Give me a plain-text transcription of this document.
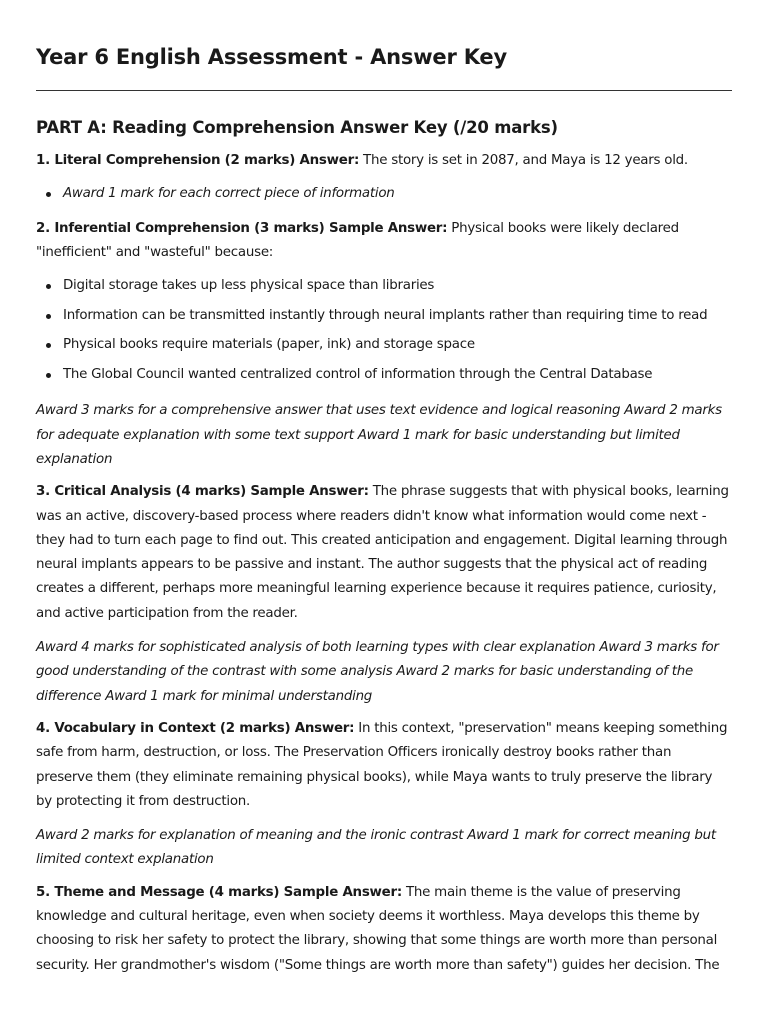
Year 6 English Assessment - Answer Key
PART A: Reading Comprehension Answer Key (/20 marks)

1. Literal Comprehension (2 marks) Answer: The story is set in 2087, and Maya is 12 years old.

Award 1 mark for each correct piece of information

2. Inferential Comprehension (3 marks) Sample Answer: Physical books were likely declared "inefficient" and "wasteful" because:

Digital storage takes up less physical space than libraries
Information can be transmitted instantly through neural implants rather than requiring time to read
Physical books require materials (paper, ink) and storage space
The Global Council wanted centralized control of information through the Central Database

Award 3 marks for a comprehensive answer that uses text evidence and logical reasoning Award 2 marks for adequate explanation with some text support Award 1 mark for basic understanding but limited explanation

3. Critical Analysis (4 marks) Sample Answer: The phrase suggests that with physical books, learning was an active, discovery-based process where readers didn't know what information would come next - they had to turn each page to find out. This created anticipation and engagement. Digital learning through neural implants appears to be passive and instant. The author suggests that the physical act of reading creates a different, perhaps more meaningful learning experience because it requires patience, curiosity, and active participation from the reader.

Award 4 marks for sophisticated analysis of both learning types with clear explanation Award 3 marks for good understanding of the contrast with some analysis Award 2 marks for basic understanding of the difference Award 1 mark for minimal understanding

4. Vocabulary in Context (2 marks) Answer: In this context, "preservation" means keeping something safe from harm, destruction, or loss. The Preservation Officers ironically destroy books rather than preserve them (they eliminate remaining physical books), while Maya wants to truly preserve the library by protecting it from destruction.

Award 2 marks for explanation of meaning and the ironic contrast Award 1 mark for correct meaning but limited context explanation

5. Theme and Message (4 marks) Sample Answer: The main theme is the value of preserving knowledge and cultural heritage, even when society deems it worthless. Maya develops this theme by choosing to risk her safety to protect the library, showing that some things are worth more than personal security. Her grandmother's wisdom ("Some things are worth more than safety") guides her decision. The
